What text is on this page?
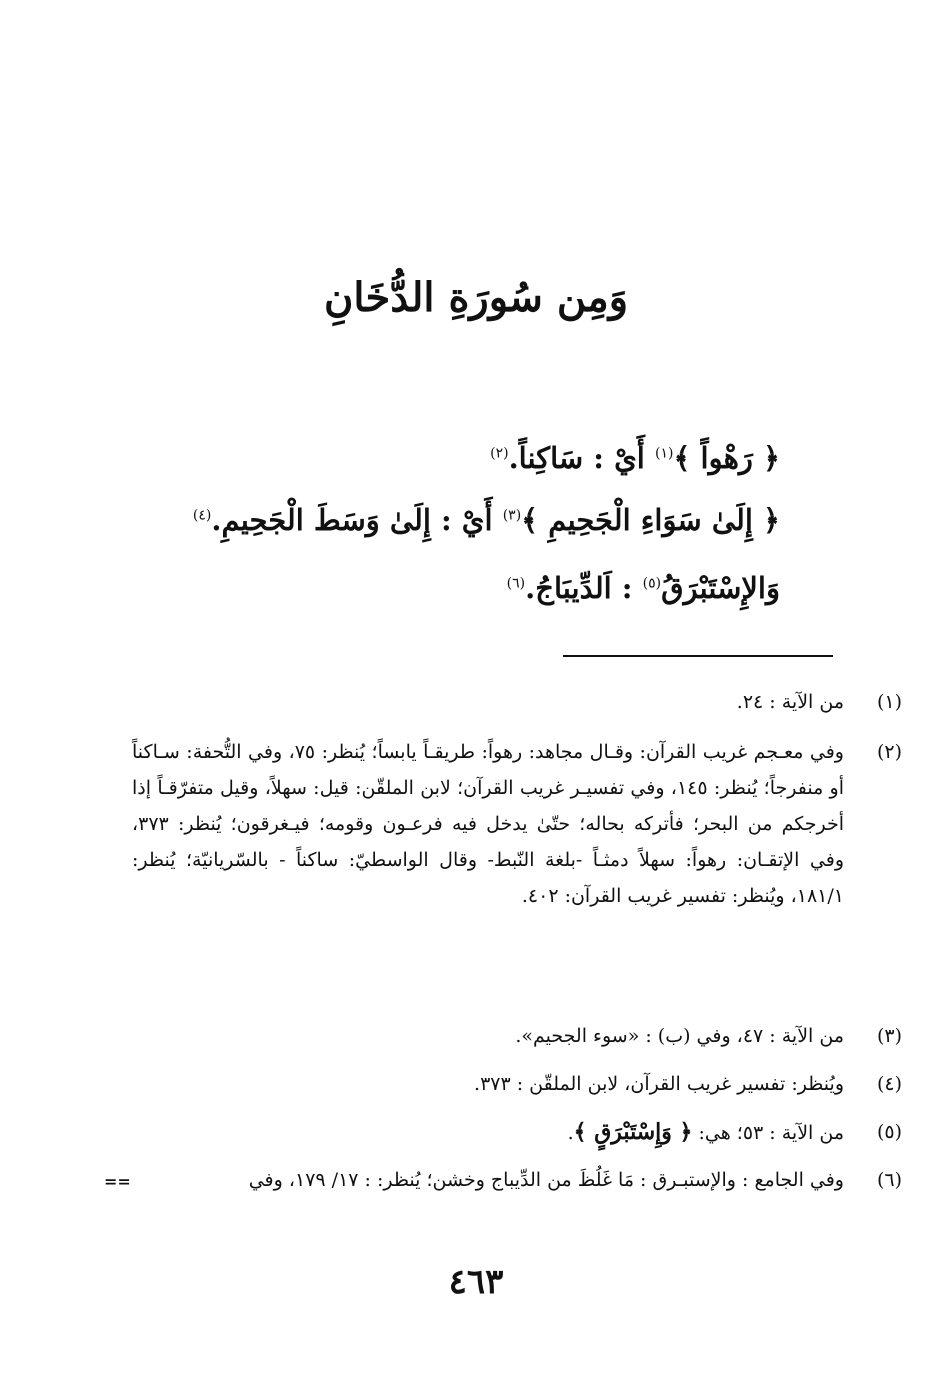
وَمِن سُورَةِ الدُّخَانِ
﴿ رَهْواً ﴾$^{(١)}$ أَيْ : سَاكِناً.$^{(٢)}$
﴿ إِلَىٰ سَوَاءِ الْجَحِيمِ ﴾$^{(٣)}$ أَيْ : إِلَىٰ وَسَطَ الْجَحِيمِ.$^{(٤)}$
وَالإِسْتَبْرَقُ$^{(٥)}$ : اَلدِّيبَاجُ.$^{(٦)}$
(١)
من الآية : ٢٤.
(٢)
وفي معـجم غريب القرآن: وقـال مجاهد: رهواً: طريقـاً يابساً؛ يُنظر: ٧٥، وفي التُّحفة: سـاكناً أو منفرجاً؛ يُنظر: ١٤٥، وفي تفسيـر غريب القرآن؛ لابن الملقّن: قيل: سهلاً، وقيل متفرّقـاً إذا أخرجكم من البحر؛ فأتركه بحاله؛ حتّىٰ يدخل فيه فرعـون وقومه؛ فيـغرقون؛ يُنظر: ٣٧٣، وفي الإتقـان: رهواً: سهلاً دمثـاً -بلغة النّبط- وقال الواسطيّ: ساكناً - بالسّريانيّة؛ يُنظر: ١٨١/١، ويُنظر: تفسير غريب القرآن: ٤٠٢.
(٣)
من الآية : ٤٧، وفي (ب) : «سوء الجحيم».
(٤)
ويُنظر: تفسير غريب القرآن، لابن الملقّن : ٣٧٣.
(٥)
من الآية : ٥٣؛ هي: ﴿ وَإِسْتَبْرَقٍ ﴾.
(٦)
وفي الجامع : والإستبـرق : مَا غَلُظَ من الدِّيباج وخشن؛ يُنظر: : ١٧/ ١٧٩، وفي
==
٤٦٣
